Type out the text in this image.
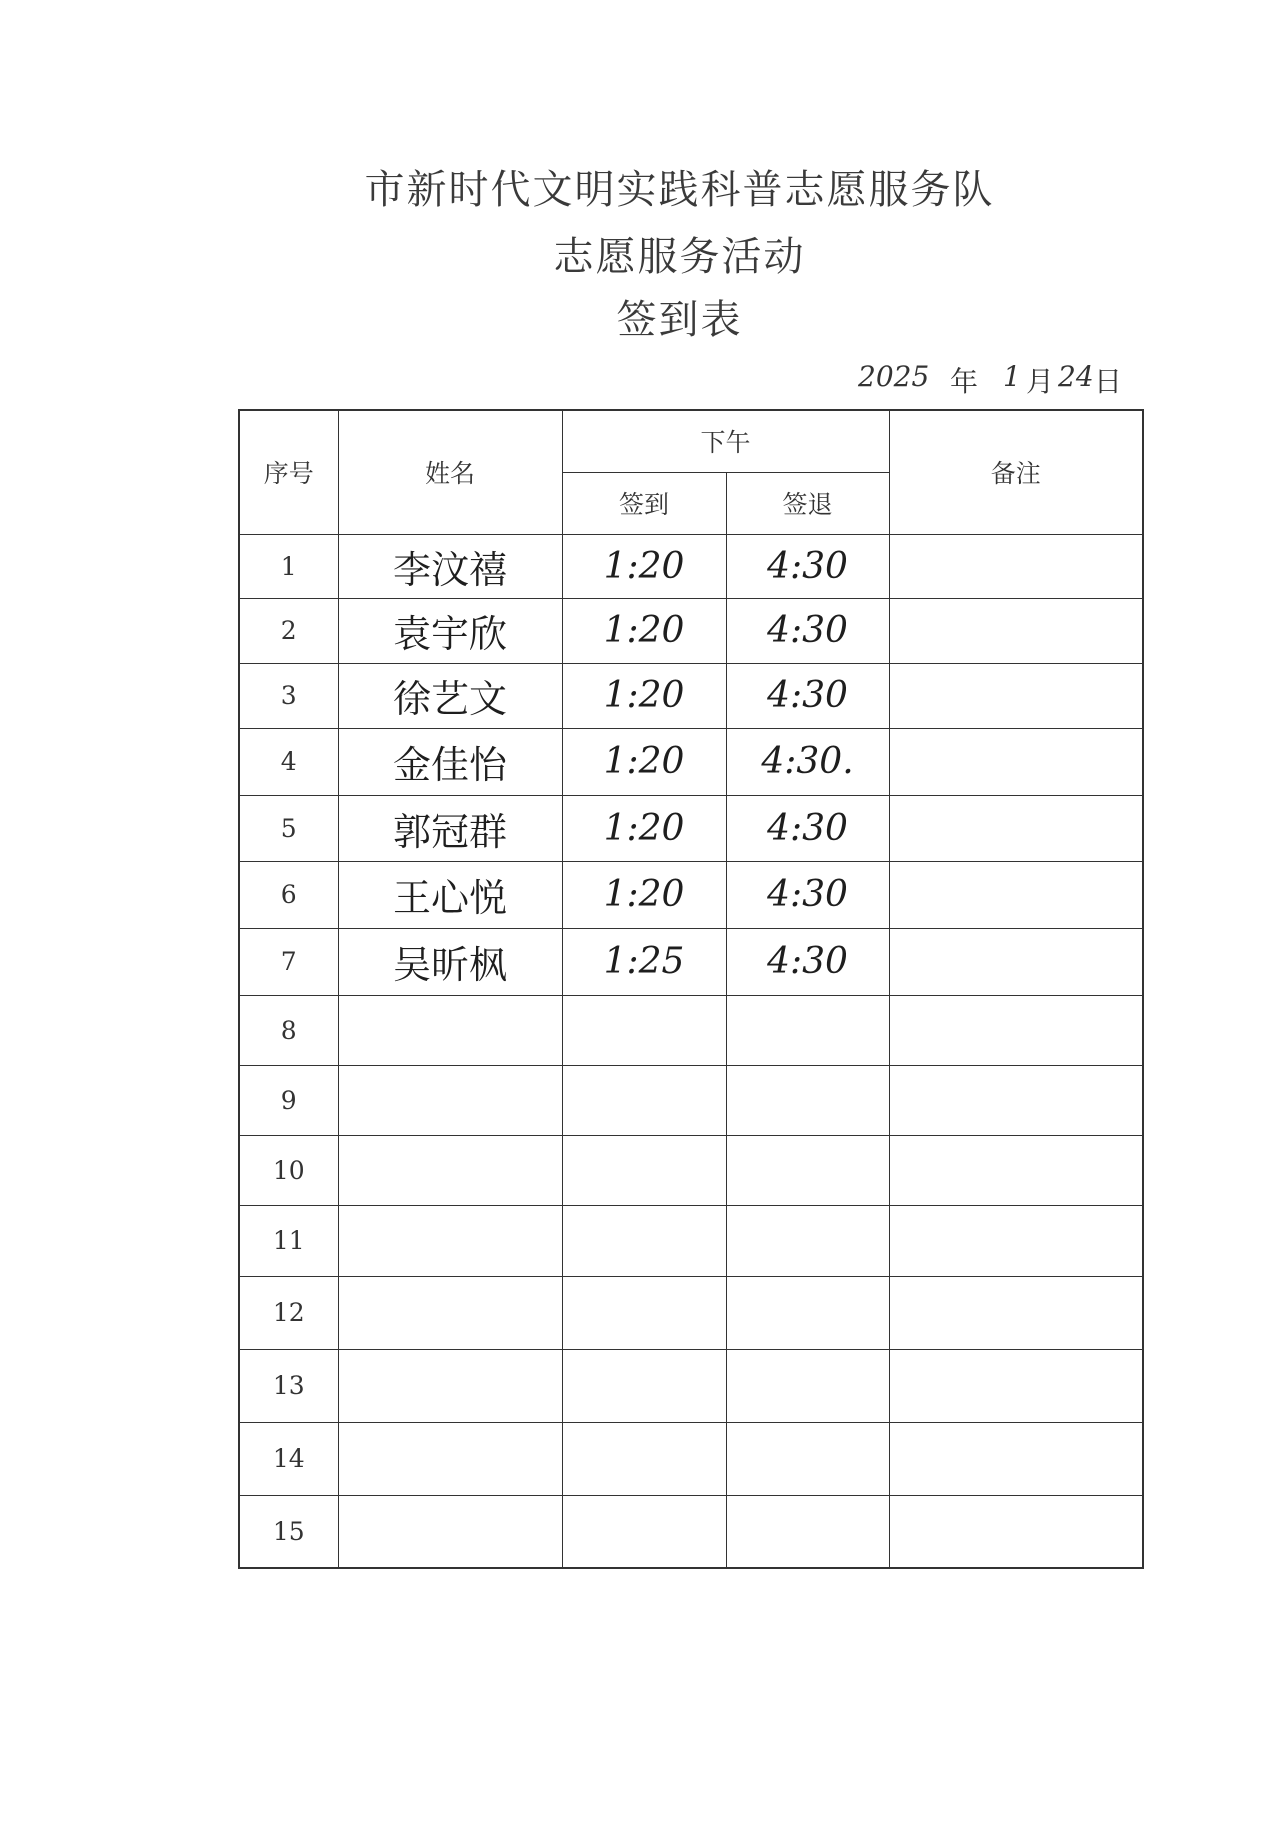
市新时代文明实践科普志愿服务队
志愿服务活动
签到表
2025 年 1 月 24 日
序号	姓名	下午		备注
		签到	签退	
1	李汶禧	1:20	4:30	
2	袁宇欣	1:20	4:30	
3	徐艺文	1:20	4:30	
4	金佳怡	1:20	4:30.	
5	郭冠群	1:20	4:30	
6	王心悦	1:20	4:30	
7	吴昕枫	1:25	4:30	
8				
9				
10				
11				
12				
13				
14				
15				
